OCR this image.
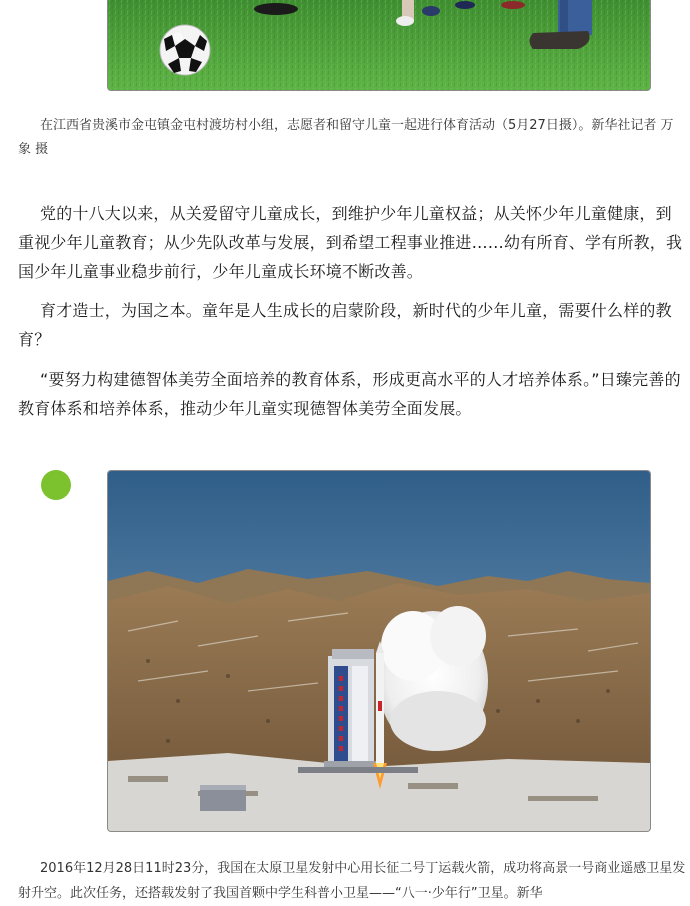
在江西省贵溪市金屯镇金屯村渡坊村小组，志愿者和留守儿童一起进行体育活动（5月27日摄）。新华社记者 万象 摄

党的十八大以来，从关爱留守儿童成长，到维护少年儿童权益；从关怀少年儿童健康，到重视少年儿童教育；从少先队改革与发展，到希望工程事业推进……幼有所育、学有所教，我国少年儿童事业稳步前行，少年儿童成长环境不断改善。

育才造士，为国之本。童年是人生成长的启蒙阶段，新时代的少年儿童，需要什么样的教育？

“要努力构建德智体美劳全面培养的教育体系，形成更高水平的人才培养体系。”日臻完善的教育体系和培养体系，推动少年儿童实现德智体美劳全面发展。

2016年12月28日11时23分，我国在太原卫星发射中心用长征二号丁运载火箭，成功将高景一号商业遥感卫星发射升空。此次任务，还搭载发射了我国首颗中学生科普小卫星——“八一·少年行”卫星。新华
